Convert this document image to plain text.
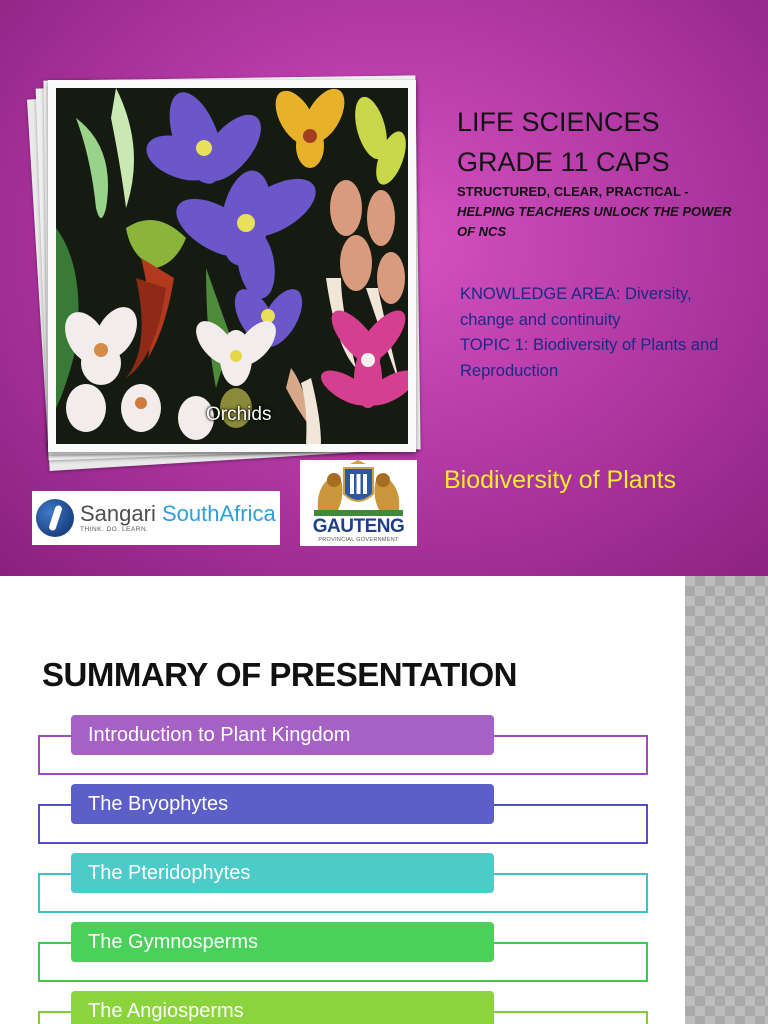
Orchids
LIFE SCIENCES
GRADE 11 CAPS
STRUCTURED, CLEAR, PRACTICAL -
HELPING TEACHERS UNLOCK THE POWER OF NCS
KNOWLEDGE AREA: Diversity, change and continuity
TOPIC 1: Biodiversity of Plants and Reproduction
Biodiversity of Plants
Sangari SouthAfrica
THINK. DO. LEARN.	GAUTENG
PROVINCIAL GOVERNMENT
SUMMARY OF PRESENTATION
Introduction to Plant Kingdom
The Bryophytes
The Pteridophytes
The Gymnosperms
The Angiosperms
